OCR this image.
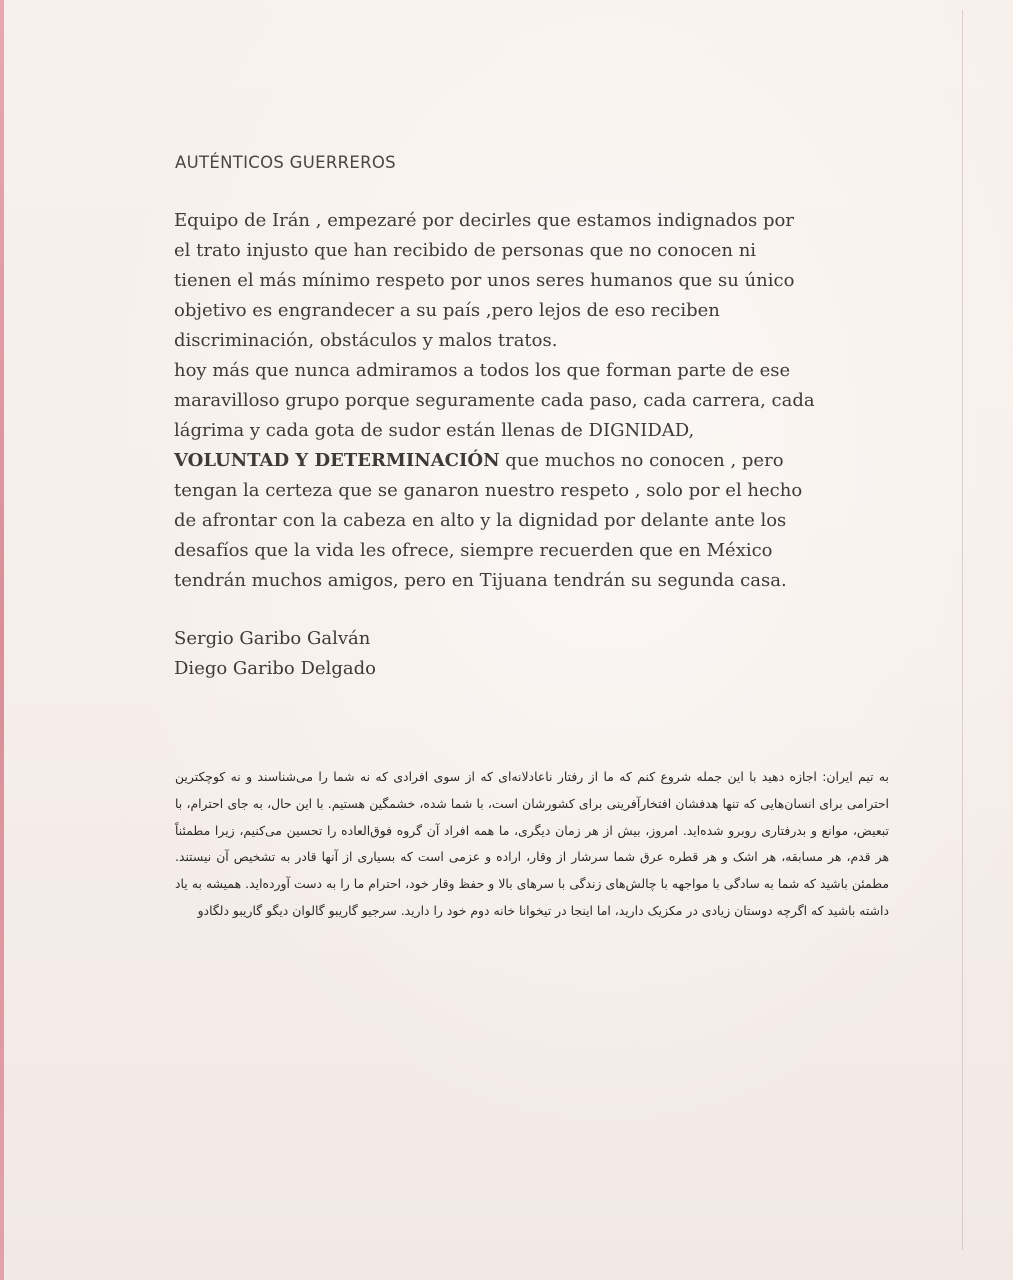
AUTÉNTICOS GUERREROS
Equipo de Irán , empezaré por decirles que estamos indignados por
el trato injusto que han recibido de personas que no conocen ni
tienen el más mínimo respeto por unos seres humanos que su único
objetivo es engrandecer a su país ,pero lejos de eso reciben
discriminación, obstáculos y malos tratos.
hoy más que nunca admiramos a todos los que forman parte de ese
maravilloso grupo porque seguramente cada paso, cada carrera, cada
lágrima y cada gota de sudor están llenas de DIGNIDAD,
VOLUNTAD Y DETERMINACIÓN que muchos no conocen , pero
tengan la certeza que se ganaron nuestro respeto , solo por el hecho
de afrontar con la cabeza en alto y la dignidad por delante ante los
desafíos que la vida les ofrece, siempre recuerden que en México
tendrán muchos amigos, pero en Tijuana tendrán su segunda casa.
Sergio Garibo Galván
Diego Garibo Delgado

به تیم ایران: اجازه دهید با این جمله شروع کنم که ما از رفتار ناعادلانه‌ای که از سوی افرادی که نه شما را می‌شناسند و نه کوچکترین احترامی برای انسان‌هایی که تنها هدفشان افتخارآفرینی برای کشورشان است، با شما شده، خشمگین هستیم. با این حال، به جای احترام، با تبعیض، موانع و بدرفتاری روبرو شده‌اید. امروز، بیش از هر زمان دیگری، ما همه افراد آن گروه فوق‌العاده را تحسین می‌کنیم، زیرا مطمئناً هر قدم، هر مسابقه، هر اشک و هر قطره عرق شما سرشار از وقار، اراده و عزمی است که بسیاری از آنها قادر به تشخیص آن نیستند. مطمئن باشید که شما به سادگی با مواجهه با چالش‌های زندگی با سرهای بالا و حفظ وقار خود، احترام ما را به دست آورده‌اید. همیشه به یاد داشته باشید که اگرچه دوستان زیادی در مکزیک دارید، اما اینجا در تیخوانا خانه دوم خود را دارید. سرجیو گاریبو گالوان دیگو گاریبو دلگادو
